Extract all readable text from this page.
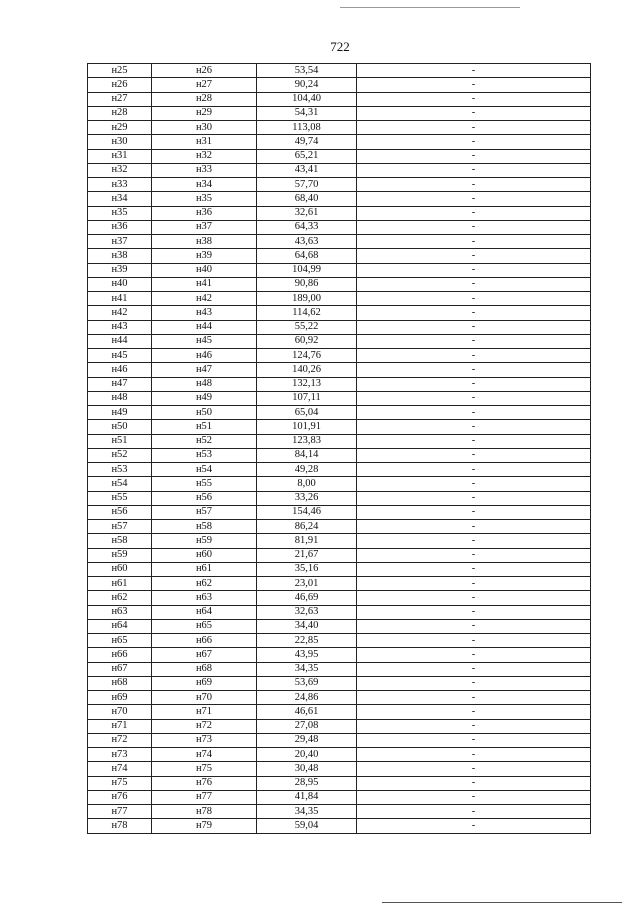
722
н25	н26	53,54	-
н26	н27	90,24	-
н27	н28	104,40	-
н28	н29	54,31	-
н29	н30	113,08	-
н30	н31	49,74	-
н31	н32	65,21	-
н32	н33	43,41	-
н33	н34	57,70	-
н34	н35	68,40	-
н35	н36	32,61	-
н36	н37	64,33	-
н37	н38	43,63	-
н38	н39	64,68	-
н39	н40	104,99	-
н40	н41	90,86	-
н41	н42	189,00	-
н42	н43	114,62	-
н43	н44	55,22	-
н44	н45	60,92	-
н45	н46	124,76	-
н46	н47	140,26	-
н47	н48	132,13	-
н48	н49	107,11	-
н49	н50	65,04	-
н50	н51	101,91	-
н51	н52	123,83	-
н52	н53	84,14	-
н53	н54	49,28	-
н54	н55	8,00	-
н55	н56	33,26	-
н56	н57	154,46	-
н57	н58	86,24	-
н58	н59	81,91	-
н59	н60	21,67	-
н60	н61	35,16	-
н61	н62	23,01	-
н62	н63	46,69	-
н63	н64	32,63	-
н64	н65	34,40	-
н65	н66	22,85	-
н66	н67	43,95	-
н67	н68	34,35	-
н68	н69	53,69	-
н69	н70	24,86	-
н70	н71	46,61	-
н71	н72	27,08	-
н72	н73	29,48	-
н73	н74	20,40	-
н74	н75	30,48	-
н75	н76	28,95	-
н76	н77	41,84	-
н77	н78	34,35	-
н78	н79	59,04	-
